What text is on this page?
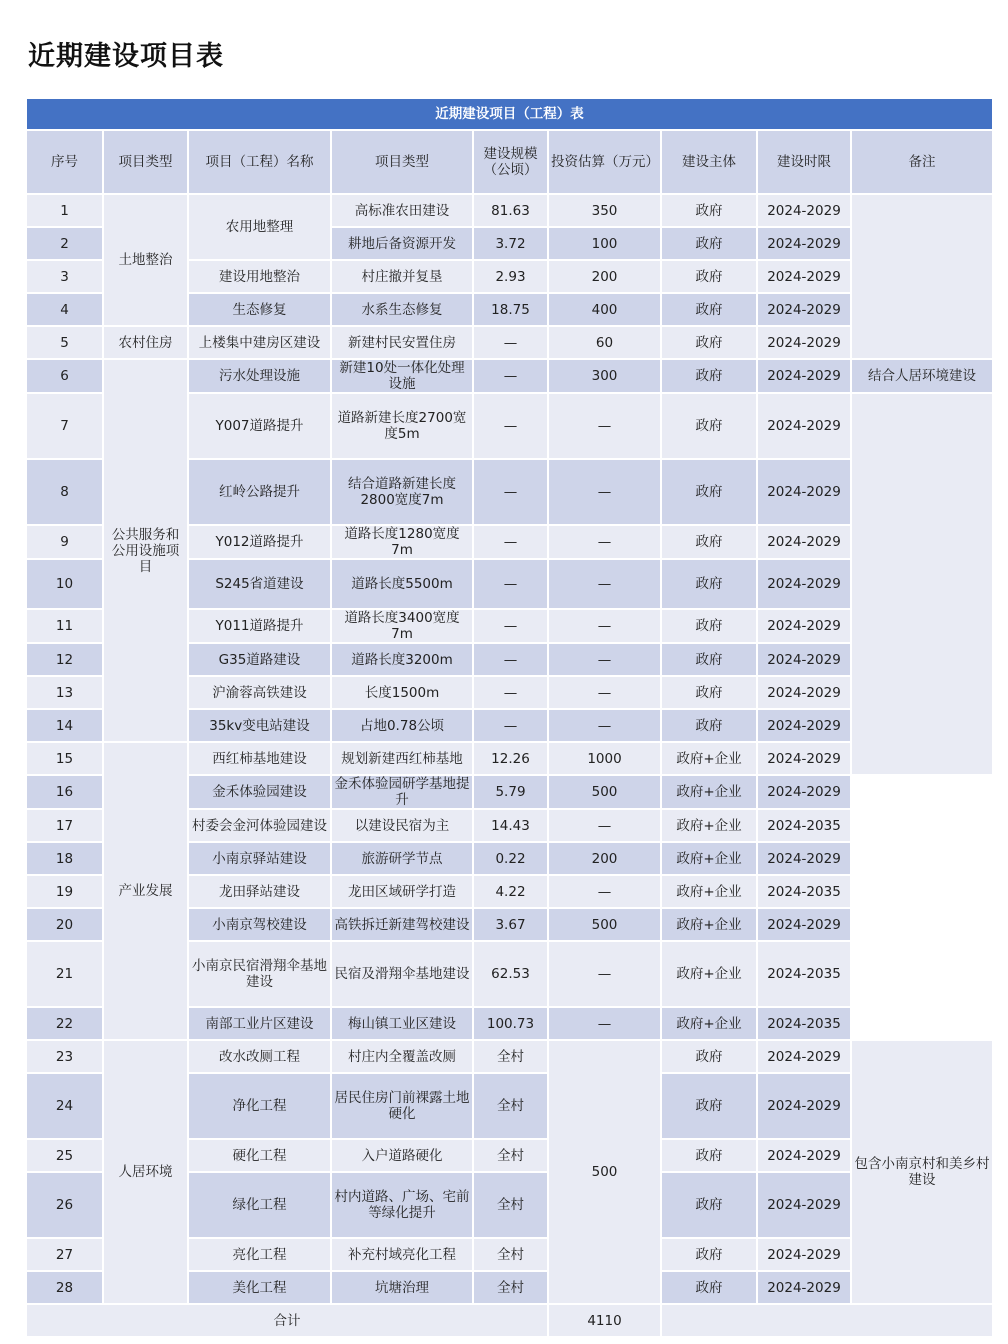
近期建设项目表
近期建设项目（工程）表								
序号	项目类型	项目（工程）名称	项目类型	建设规模（公顷）	投资估算（万元）	建设主体	建设时限	备注
1	土地整治	农用地整理	高标准农田建设	81.63	350	政府	2024-2029	
2			耕地后备资源开发	3.72	100	政府	2024-2029	
3		建设用地整治	村庄撤并复垦	2.93	200	政府	2024-2029	
4		生态修复	水系生态修复	18.75	400	政府	2024-2029	
5	农村住房	上楼集中建房区建设	新建村民安置住房	—	60	政府	2024-2029	
6	公共服务和公用设施项目	污水处理设施	新建10处一体化处理设施	—	300	政府	2024-2029	结合人居环境建设
7		Y007道路提升	道路新建长度2700宽度5m	—	—	政府	2024-2029	
8		红岭公路提升	结合道路新建长度2800宽度7m	—	—	政府	2024-2029	
9		Y012道路提升	道路长度1280宽度7m	—	—	政府	2024-2029	
10		S245省道建设	道路长度5500m	—	—	政府	2024-2029	
11		Y011道路提升	道路长度3400宽度7m	—	—	政府	2024-2029	
12		G35道路建设	道路长度3200m	—	—	政府	2024-2029	
13		沪渝蓉高铁建设	长度1500m	—	—	政府	2024-2029	
14		35kv变电站建设	占地0.78公顷	—	—	政府	2024-2029	
15	产业发展	西红柿基地建设	规划新建西红柿基地	12.26	1000	政府+企业	2024-2029	
16		金禾体验园建设	金禾体验园研学基地提升	5.79	500	政府+企业	2024-2029	
17		村委会金河体验园建设	以建设民宿为主	14.43	—	政府+企业	2024-2035	
18		小南京驿站建设	旅游研学节点	0.22	200	政府+企业	2024-2029	
19		龙田驿站建设	龙田区域研学打造	4.22	—	政府+企业	2024-2035	
20		小南京驾校建设	高铁拆迁新建驾校建设	3.67	500	政府+企业	2024-2029	
21		小南京民宿滑翔伞基地建设	民宿及滑翔伞基地建设	62.53	—	政府+企业	2024-2035	
22		南部工业片区建设	梅山镇工业区建设	100.73	—	政府+企业	2024-2035	
23	人居环境	改水改厕工程	村庄内全覆盖改厕	全村	500	政府	2024-2029	包含小南京村和美乡村建设
24		净化工程	居民住房门前裸露土地硬化	全村		政府	2024-2029	
25		硬化工程	入户道路硬化	全村		政府	2024-2029	
26		绿化工程	村内道路、广场、宅前等绿化提升	全村		政府	2024-2029	
27		亮化工程	补充村域亮化工程	全村		政府	2024-2029	
28		美化工程	坑塘治理	全村		政府	2024-2029	
合计					4110			
